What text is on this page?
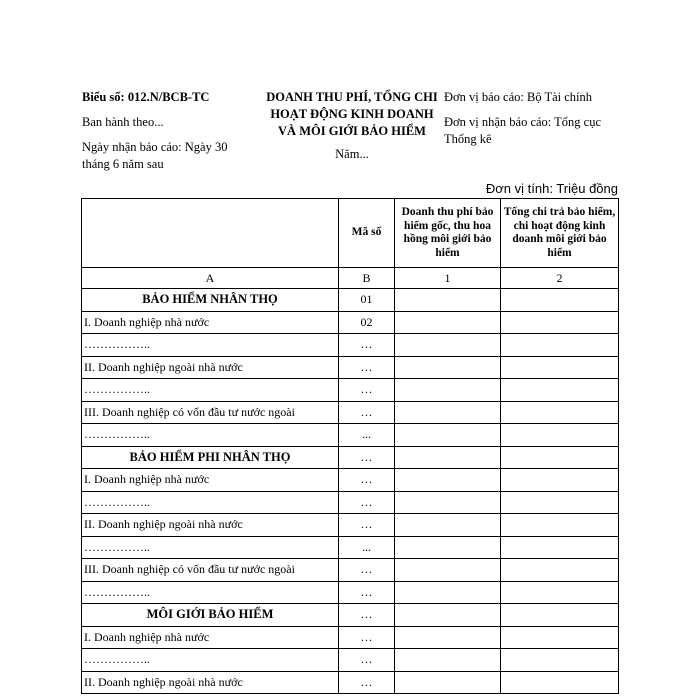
Biểu số: 012.N/BCB-TC

Ban hành theo...

Ngày nhận báo cáo: Ngày 30 tháng 6 năm sau

DOANH THU PHÍ, TỔNG CHI HOẠT ĐỘNG KINH DOANH VÀ MÔI GIỚI BẢO HIỂM
Năm...

Đơn vị báo cáo: Bộ Tài chính

Đơn vị nhận báo cáo: Tổng cục Thống kê

Đơn vị tính: Triệu đồng
	Mã số	Doanh thu phí bảo hiểm gốc, thu hoa hồng môi giới bảo hiểm	Tổng chi trả bảo hiểm, chi hoạt động kinh doanh môi giới bảo hiểm
A	B	1	2
BẢO HIỂM NHÂN THỌ	01		
I. Doanh nghiệp nhà nước	02		
……………..	…		
II. Doanh nghiệp ngoài nhà nước	…		
……………..	…		
III. Doanh nghiệp có vốn đầu tư nước ngoài	…		
……………..	...		
BẢO HIỂM PHI NHÂN THỌ	…		
I. Doanh nghiệp nhà nước	…		
……………..	…		
II. Doanh nghiệp ngoài nhà nước	…		
……………..	...		
III. Doanh nghiệp có vốn đầu tư nước ngoài	…		
……………..	…		
MÔI GIỚI BẢO HIỂM	…		
I. Doanh nghiệp nhà nước	…		
……………..	…		
II. Doanh nghiệp ngoài nhà nước	…		
